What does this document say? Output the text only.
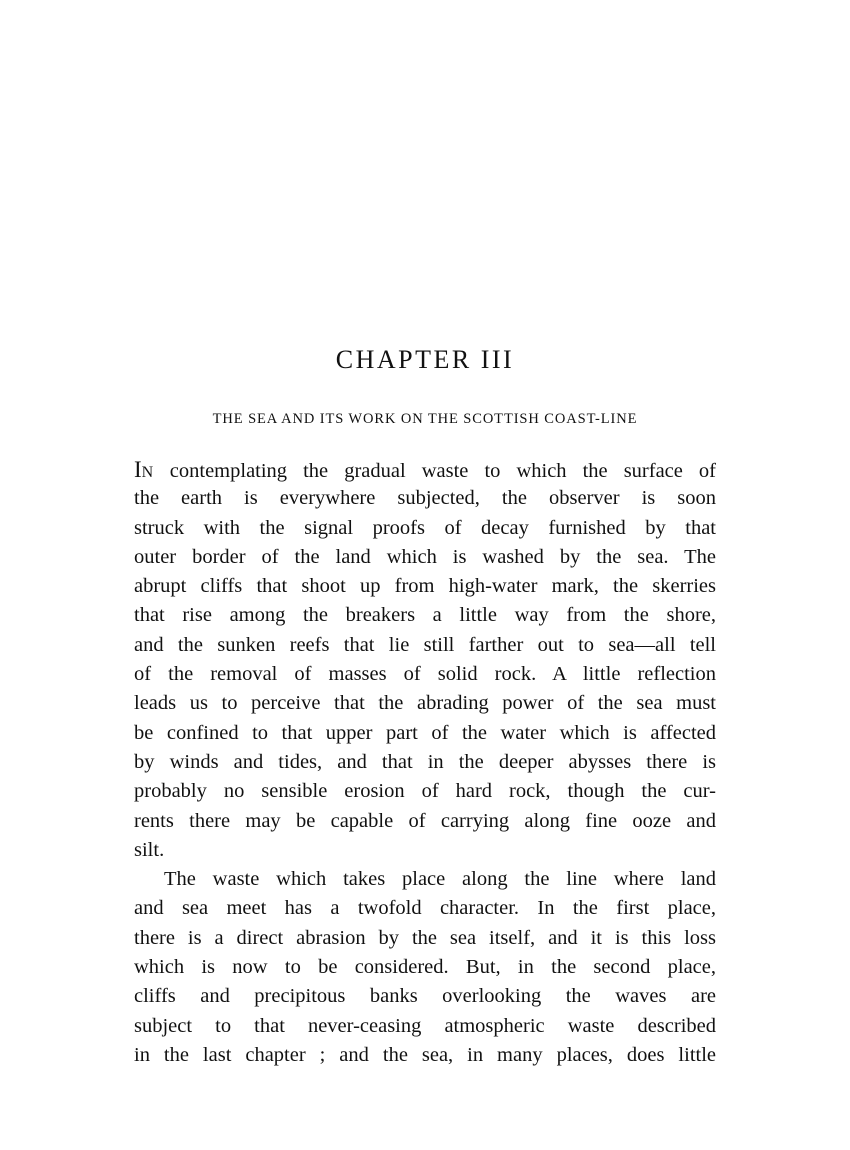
CHAPTER III
THE SEA AND ITS WORK ON THE SCOTTISH COAST-LINE
IN contemplating the gradual waste to which the surface of
the earth is everywhere subjected, the observer is soon
struck with the signal proofs of decay furnished by that
outer border of the land which is washed by the sea. The
abrupt cliffs that shoot up from high-water mark, the skerries
that rise among the breakers a little way from the shore,
and the sunken reefs that lie still farther out to sea—all tell
of the removal of masses of solid rock. A little reflection
leads us to perceive that the abrading power of the sea must
be confined to that upper part of the water which is affected
by winds and tides, and that in the deeper abysses there is
probably no sensible erosion of hard rock, though the cur-
rents there may be capable of carrying along fine ooze and
silt.
The waste which takes place along the line where land
and sea meet has a twofold character. In the first place,
there is a direct abrasion by the sea itself, and it is this loss
which is now to be considered. But, in the second place,
cliffs and precipitous banks overlooking the waves are
subject to that never-ceasing atmospheric waste described
in the last chapter ; and the sea, in many places, does little
